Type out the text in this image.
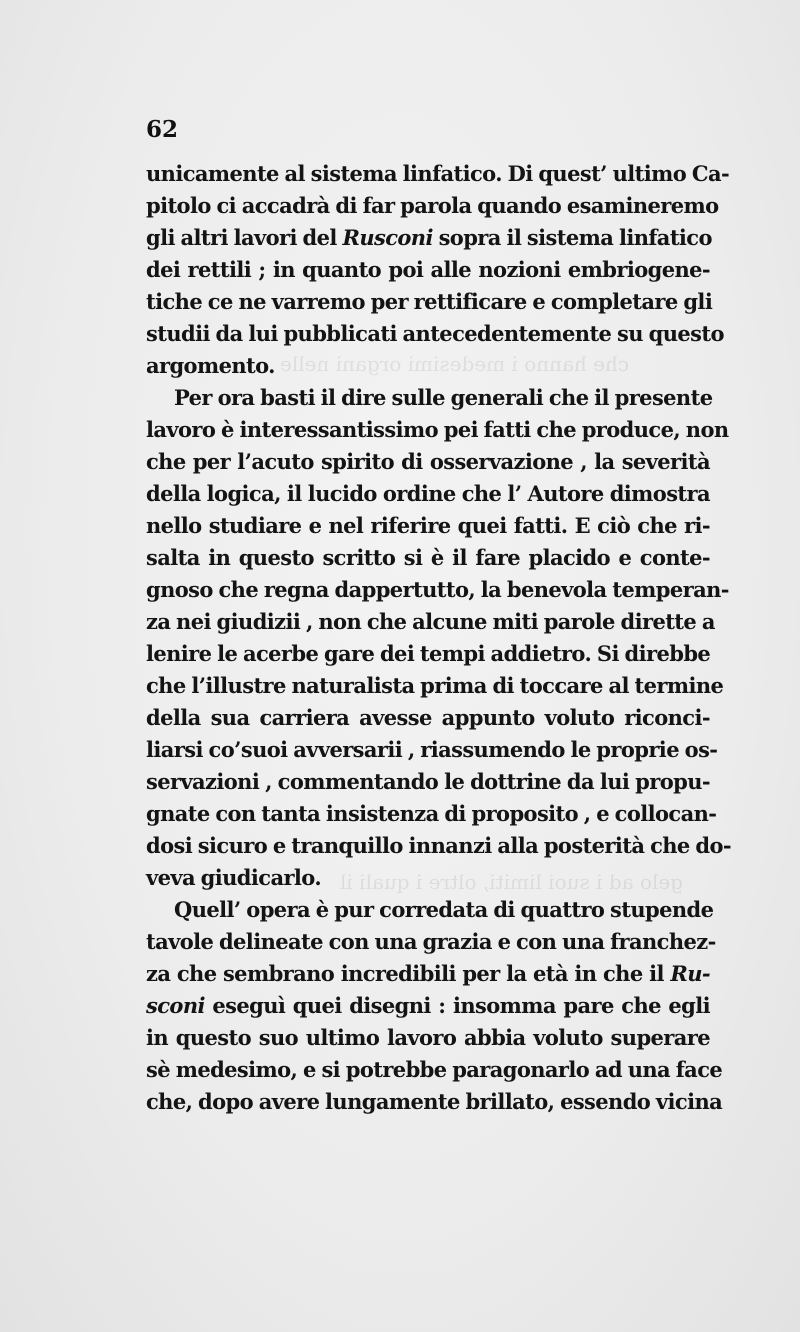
che hanno i medesimi organi nelle
gelo ad i suoi limiti, oltre i quali il
62
unicamente al sistema linfatico. Di quest’ ultimo Ca-
pitolo ci accadrà di far parola quando esamineremo
gli altri lavori del Rusconi sopra il sistema linfatico
dei rettili ; in quanto poi alle nozioni embriogene-
tiche ce ne varremo per rettificare e completare gli
studii da lui pubblicati antecedentemente su questo
argomento.
Per ora basti il dire sulle generali che il presente
lavoro è interessantissimo pei fatti che produce, non
che per l’acuto spirito di osservazione , la severità
della logica, il lucido ordine che l’ Autore dimostra
nello studiare e nel riferire quei fatti. E ciò che ri-
salta in questo scritto si è il fare placido e conte-
gnoso che regna dappertutto, la benevola temperan-
za nei giudizii , non che alcune miti parole dirette a
lenire le acerbe gare dei tempi addietro. Si direbbe
che l’illustre naturalista prima di toccare al termine
della sua carriera avesse appunto voluto riconci-
liarsi co’suoi avversarii , riassumendo le proprie os-
servazioni , commentando le dottrine da lui propu-
gnate con tanta insistenza di proposito , e collocan-
dosi sicuro e tranquillo innanzi alla posterità che do-
veva giudicarlo.
Quell’ opera è pur corredata di quattro stupende
tavole delineate con una grazia e con una franchez-
za che sembrano incredibili per la età in che il Ru-
sconi eseguì quei disegni : insomma pare che egli
in questo suo ultimo lavoro abbia voluto superare
sè medesimo, e si potrebbe paragonarlo ad una face
che, dopo avere lungamente brillato, essendo vicina
